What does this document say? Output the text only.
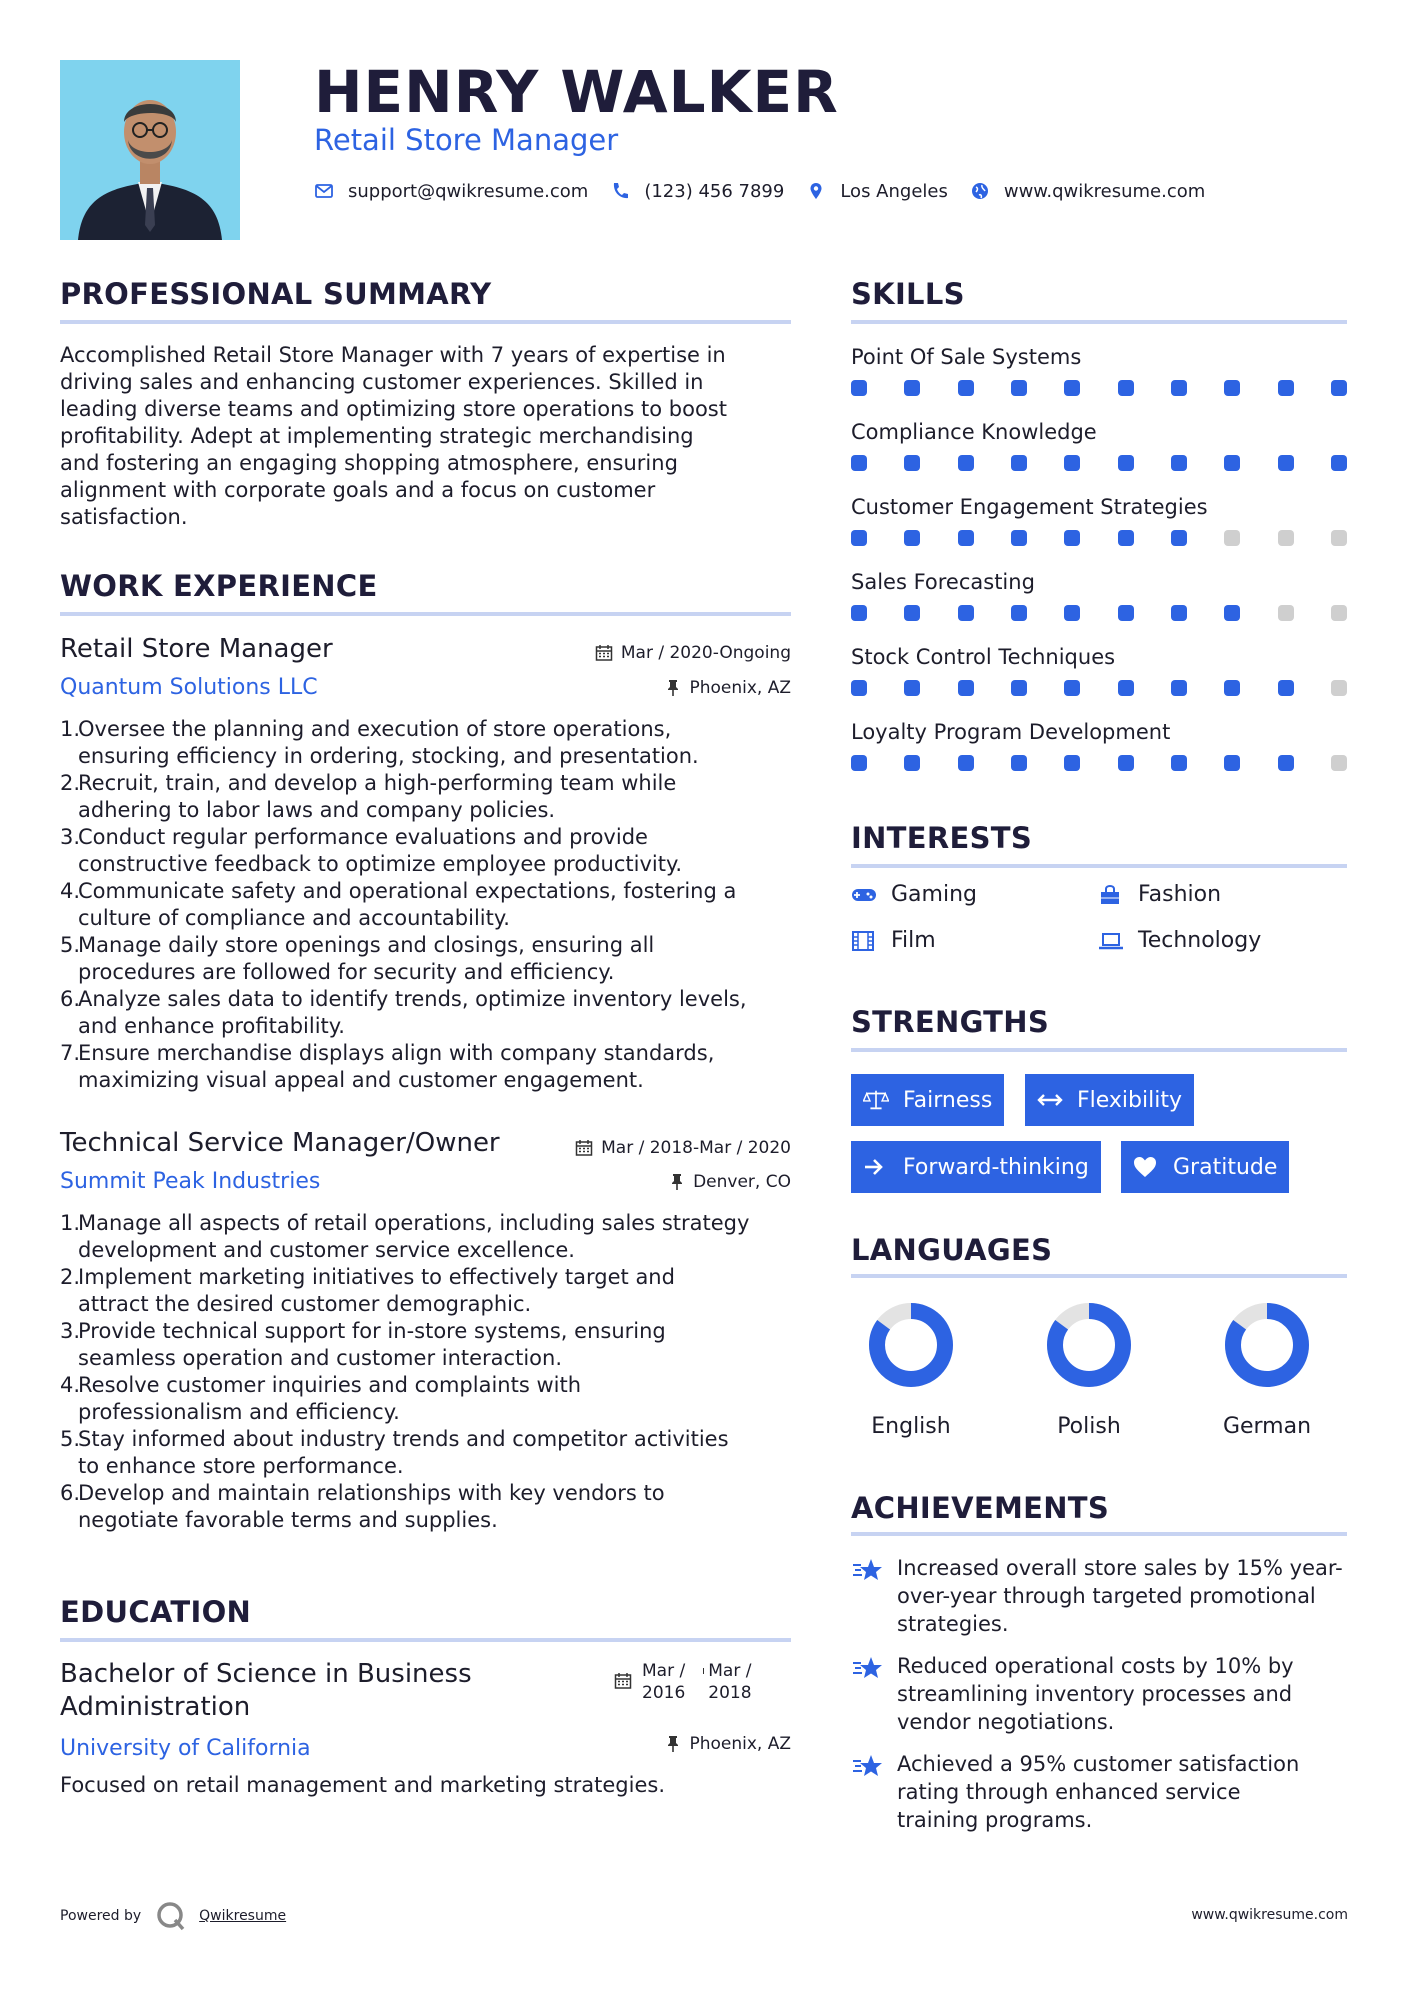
HENRY WALKER
Retail Store Manager
support@qwikresume.com	(123) 456 7899	Los Angeles	www.qwikresume.com
PROFESSIONAL SUMMARY
Accomplished Retail Store Manager with 7 years of expertise in
driving sales and enhancing customer experiences. Skilled in
leading diverse teams and optimizing store operations to boost
profitability. Adept at implementing strategic merchandising
and fostering an engaging shopping atmosphere, ensuring
alignment with corporate goals and a focus on customer
satisfaction.
WORK EXPERIENCE
Retail Store Manager
Quantum Solutions LLC
Mar / 2020-Ongoing
Phoenix, AZ
1.
Oversee the planning and execution of store operations,
ensuring efficiency in ordering, stocking, and presentation.
2.
Recruit, train, and develop a high-performing team while
adhering to labor laws and company policies.
3.
Conduct regular performance evaluations and provide
constructive feedback to optimize employee productivity.
4.
Communicate safety and operational expectations, fostering a
culture of compliance and accountability.
5.
Manage daily store openings and closings, ensuring all
procedures are followed for security and efficiency.
6.
Analyze sales data to identify trends, optimize inventory levels,
and enhance profitability.
7.
Ensure merchandise displays align with company standards,
maximizing visual appeal and customer engagement.
Technical Service Manager/Owner
Summit Peak Industries
Mar / 2018-Mar / 2020
Denver, CO
1.
Manage all aspects of retail operations, including sales strategy
development and customer service excellence.
2.
Implement marketing initiatives to effectively target and
attract the desired customer demographic.
3.
Provide technical support for in-store systems, ensuring
seamless operation and customer interaction.
4.
Resolve customer inquiries and complaints with
professionalism and efficiency.
5.
Stay informed about industry trends and competitor activities
to enhance store performance.
6.
Develop and maintain relationships with key vendors to
negotiate favorable terms and supplies.
EDUCATION
Bachelor of Science in Business
Administration
University of California
Mar /
2016
Mar /
2018
Phoenix, AZ
Focused on retail management and marketing strategies.
SKILLS
Point Of Sale Systems
Compliance Knowledge
Customer Engagement Strategies
Sales Forecasting
Stock Control Techniques
Loyalty Program Development
INTERESTS
Gaming	Fashion
Film	Technology
STRENGTHS
Fairness	Flexibility
Forward-thinking	Gratitude
LANGUAGES
English	Polish	German
ACHIEVEMENTS
Increased overall store sales by 15% year-
over-year through targeted promotional
strategies.
Reduced operational costs by 10% by
streamlining inventory processes and
vendor negotiations.
Achieved a 95% customer satisfaction
rating through enhanced service
training programs.
Powered by	Qwikresume	www.qwikresume.com
